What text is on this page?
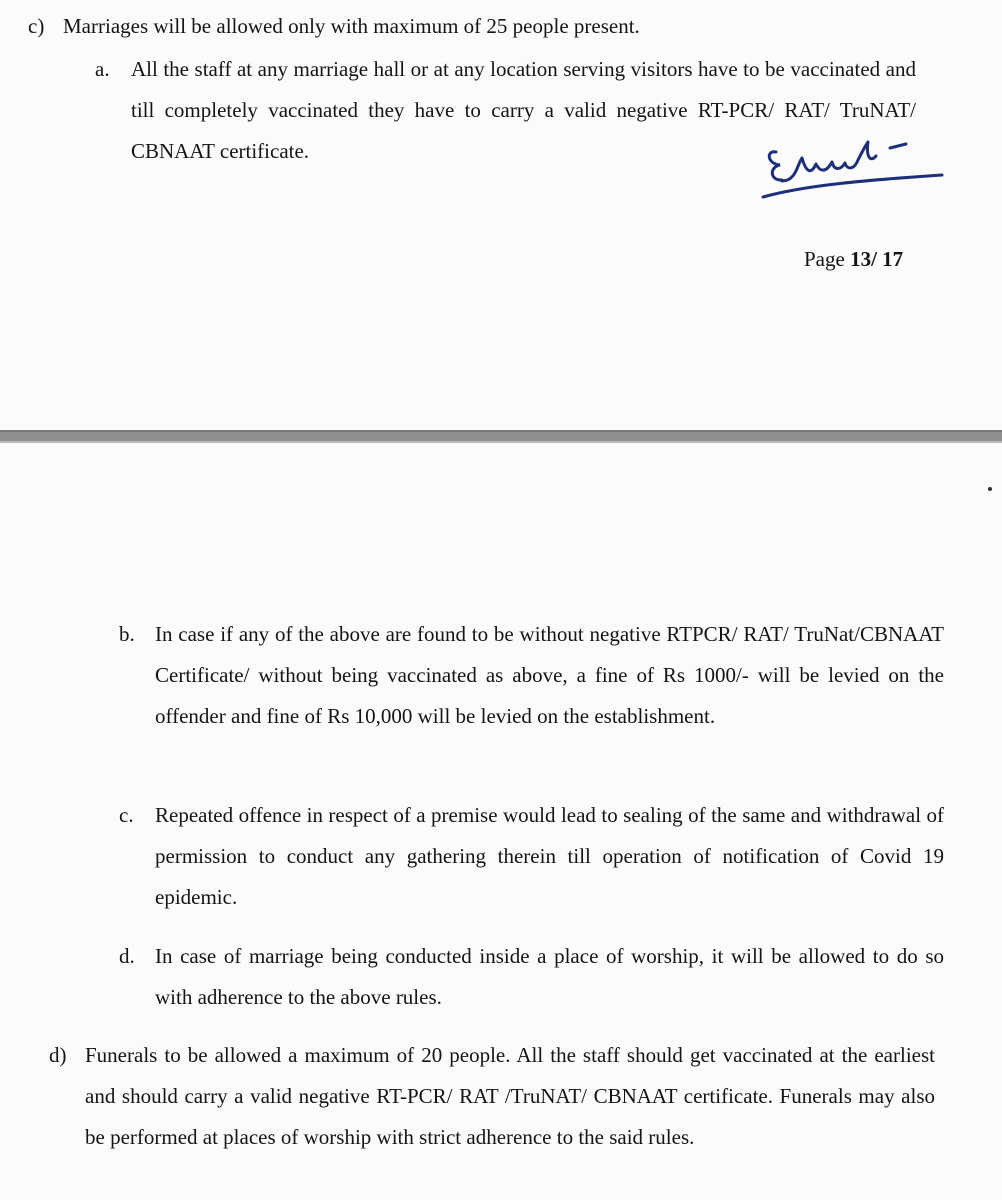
c) Marriages will be allowed only with maximum of 25 people present.
a. All the staff at any marriage hall or at any location serving visitors have to be vaccinated and till completely vaccinated they have to carry a valid negative RT-PCR/ RAT/ TruNAT/ CBNAAT certificate.
Page 13/ 17
b. In case if any of the above are found to be without negative RTPCR/ RAT/ TruNat/CBNAAT Certificate/ without being vaccinated as above, a fine of Rs 1000/- will be levied on the offender and fine of Rs 10,000 will be levied on the establishment.
c. Repeated offence in respect of a premise would lead to sealing of the same and withdrawal of permission to conduct any gathering therein till operation of notification of Covid 19 epidemic.
d. In case of marriage being conducted inside a place of worship, it will be allowed to do so with adherence to the above rules.
d) Funerals to be allowed a maximum of 20 people. All the staff should get vaccinated at the earliest and should carry a valid negative RT-PCR/ RAT /TruNAT/ CBNAAT certificate. Funerals may also be performed at places of worship with strict adherence to the said rules.
